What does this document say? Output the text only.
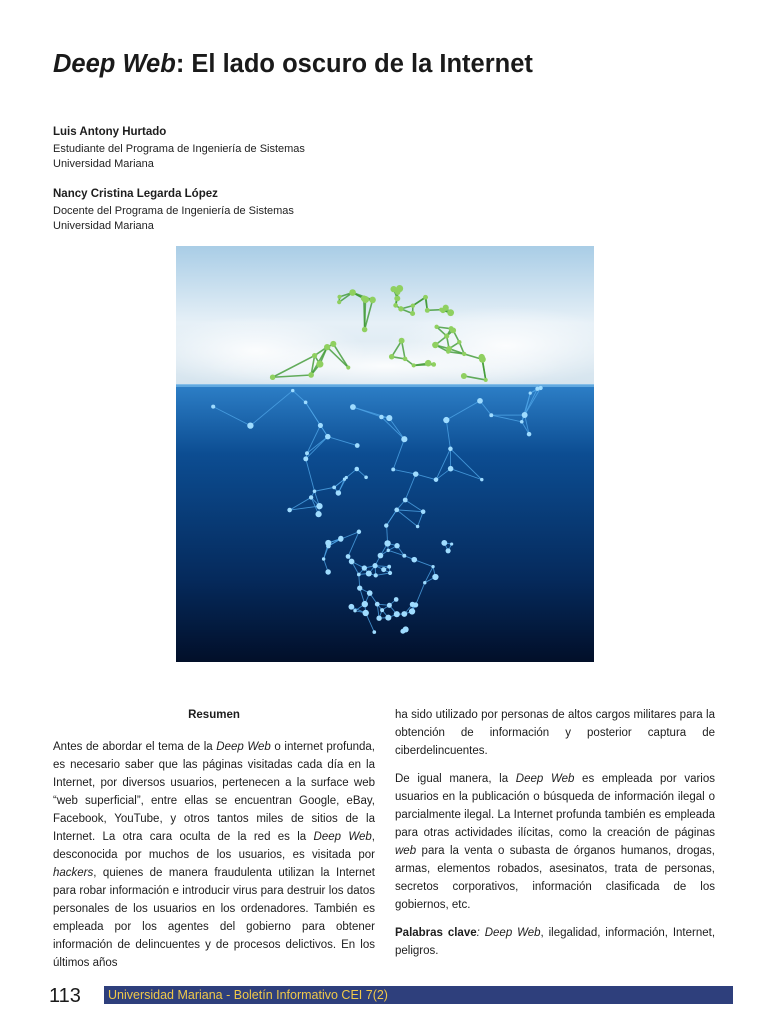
Deep Web: El lado oscuro de la Internet
Luis Antony Hurtado
Estudiante del Programa de Ingeniería de Sistemas
Universidad Mariana
Nancy Cristina Legarda López
Docente del Programa de Ingeniería de Sistemas
Universidad Mariana

Resumen

Antes de abordar el tema de la Deep Web o internet profunda, es necesario saber que las páginas visitadas cada día en la Internet, por diversos usuarios, pertenecen a la surface web “web superficial”, entre ellas se encuentran Google, eBay, Facebook, YouTube, y otros tantos miles de sitios de la Internet. La otra cara oculta de la red es la Deep Web, desconocida por muchos de los usuarios, es visitada por hackers, quienes de manera fraudulenta utilizan la Internet para robar información e introducir virus para destruir los datos personales de los usuarios en los ordenadores. También es empleada por los agentes del gobierno para obtener información de delincuentes y de procesos delictivos. En los últimos años

ha sido utilizado por personas de altos cargos militares para la obtención de información y posterior captura de ciberdelincuentes.

De igual manera, la Deep Web es empleada por varios usuarios en la publicación o búsqueda de información ilegal o parcialmente ilegal. La Internet profunda también es empleada para otras actividades ilícitas, como la creación de páginas web para la venta o subasta de órganos humanos, drogas, armas, elementos robados, asesinatos, trata de personas, secretos corporativos, información clasificada de los gobiernos, etc.

Palabras clave: Deep Web, ilegalidad, información, Internet, peligros.

113 Universidad Mariana - Boletín Informativo CEI 7(2)
